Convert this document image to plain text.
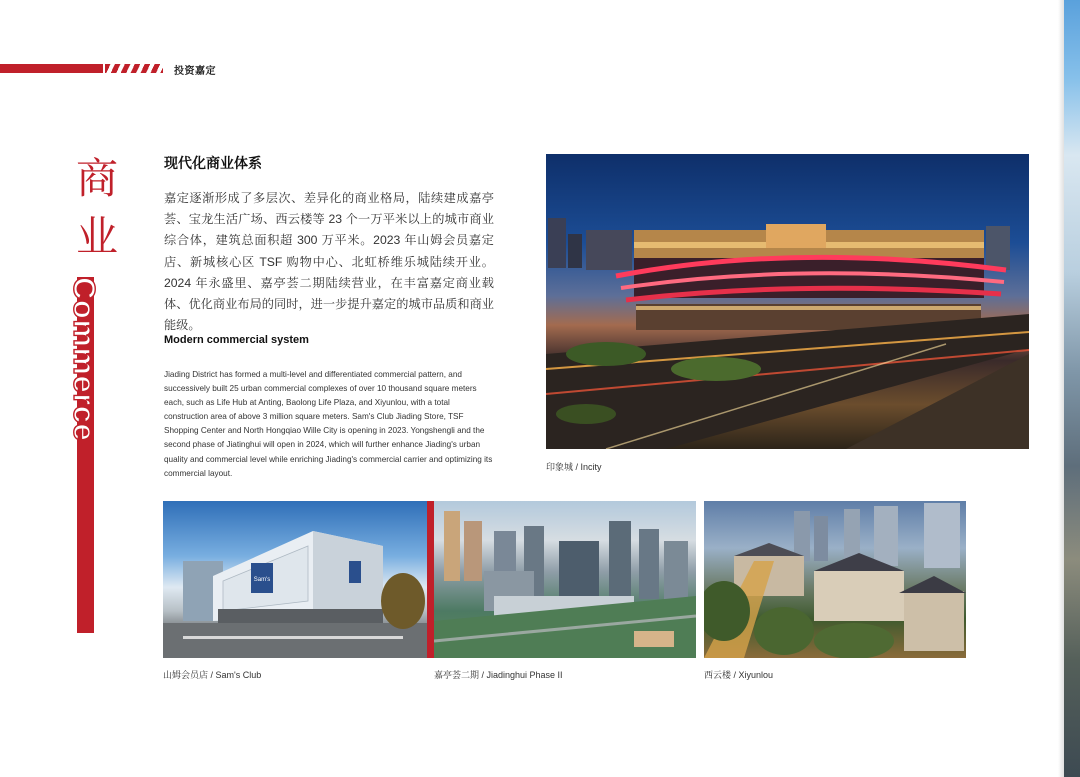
投资嘉定
商
业
Commerce
现代化商业体系
嘉定逐渐形成了多层次、差异化的商业格局，陆续建成嘉亭荟、宝龙生活广场、西云楼等 23 个一万平米以上的城市商业综合体，建筑总面积超 300 万平米。2023 年山姆会员嘉定店、新城核心区 TSF 购物中心、北虹桥维乐城陆续开业。2024 年永盛里、嘉亭荟二期陆续营业，在丰富嘉定商业载体、优化商业布局的同时，进一步提升嘉定的城市品质和商业能级。
Modern commercial system
Jiading District has formed a multi-level and differentiated commercial pattern, and successively built 25 urban commercial complexes of over 10 thousand square meters each, such as Life Hub at Anting, Baolong Life Plaza, and Xiyunlou, with a total construction area of above 3 million square meters. Sam's Club Jiading Store, TSF Shopping Center and North Hongqiao Wille City is opening in 2023. Yongshengli and the second phase of Jiatinghui will open in 2024, which will further enhance Jiading's urban quality and commercial level while enriching Jiading's commercial carrier and optimizing its commercial layout.
印象城 / Incity
Sam's
山姆会员店 / Sam's Club	嘉亭荟二期 / Jiadinghui Phase II	西云楼 / Xiyunlou
